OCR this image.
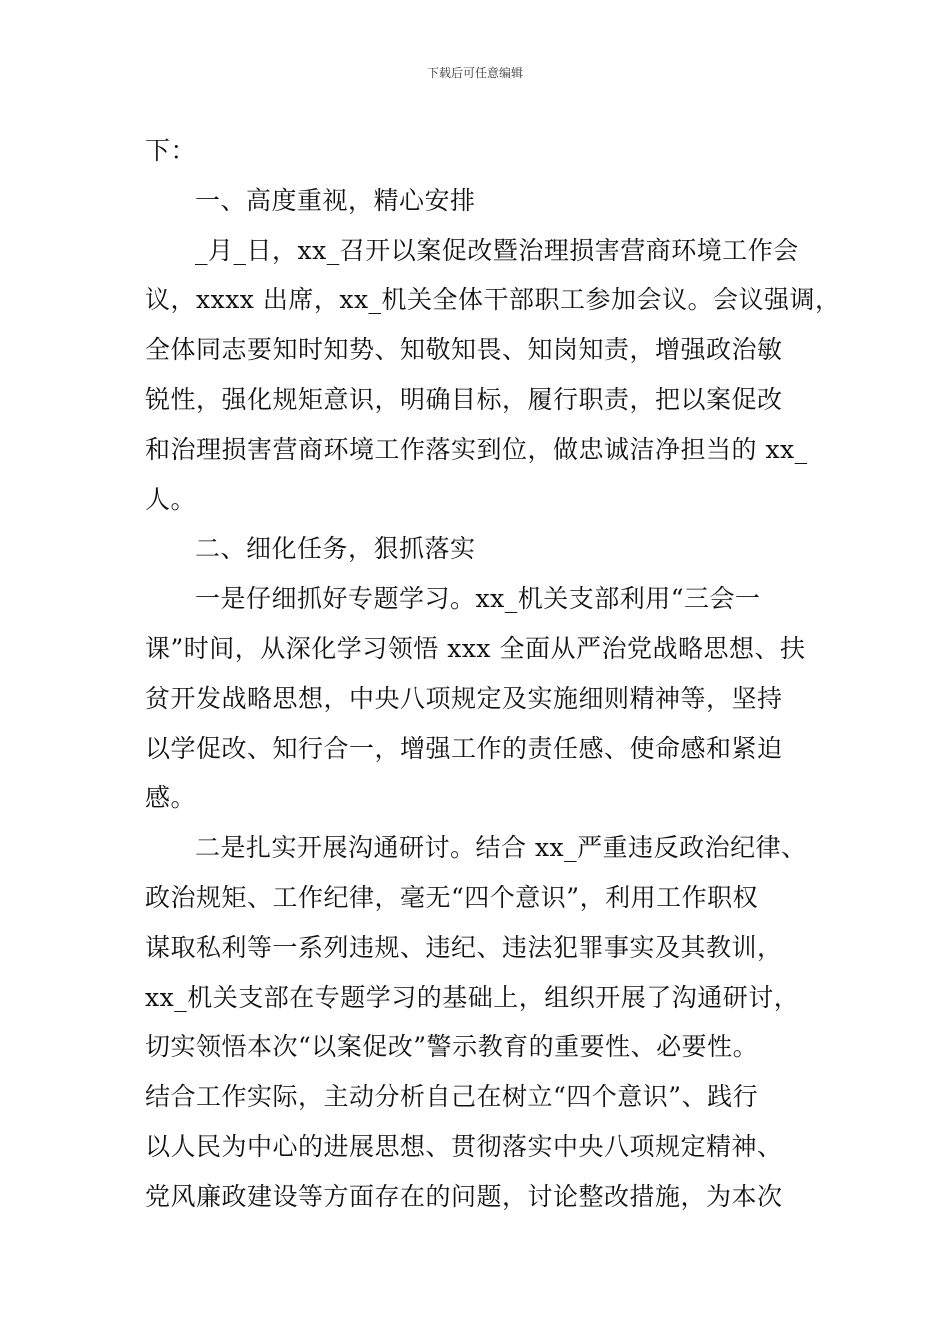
下载后可任意编辑
下：
一、高度重视，精心安排
_月_日，xx_召开以案促改暨治理损害营商环境工作会
议，xxxx 出席，xx_机关全体干部职工参加会议。会议强调，
全体同志要知时知势、知敬知畏、知岗知责，增强政治敏
锐性，强化规矩意识，明确目标，履行职责，把以案促改
和治理损害营商环境工作落实到位，做忠诚洁净担当的 xx_
人。
二、细化任务，狠抓落实
一是仔细抓好专题学习。xx_机关支部利用“三会一
课”时间，从深化学习领悟 xxx 全面从严治党战略思想、扶
贫开发战略思想，中央八项规定及实施细则精神等，坚持
以学促改、知行合一，增强工作的责任感、使命感和紧迫
感。
二是扎实开展沟通研讨。结合 xx_严重违反政治纪律、
政治规矩、工作纪律，毫无“四个意识”，利用工作职权
谋取私利等一系列违规、违纪、违法犯罪事实及其教训，
xx_机关支部在专题学习的基础上，组织开展了沟通研讨，
切实领悟本次“以案促改”警示教育的重要性、必要性。
结合工作实际，主动分析自己在树立“四个意识”、践行
以人民为中心的进展思想、贯彻落实中央八项规定精神、
党风廉政建设等方面存在的问题，讨论整改措施，为本次
